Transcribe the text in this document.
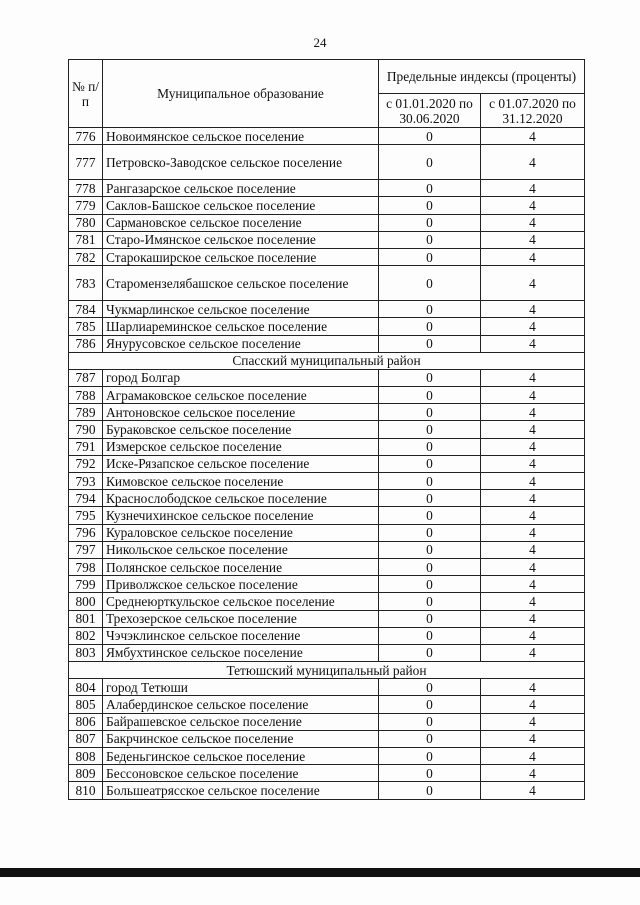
24
№ п/п	Муниципальное образование	Предельные индексы (проценты)	
		с 01.01.2020 по 30.06.2020	с 01.07.2020 по 31.12.2020
776	Новоимянское сельское поселение	0	4
777	Петровско-Заводское сельское поселение	0	4
778	Рангазарское сельское поселение	0	4
779	Саклов-Башское сельское поселение	0	4
780	Сармановское сельское поселение	0	4
781	Старо-Имянское сельское поселение	0	4
782	Старокаширское сельское поселение	0	4
783	Старомензелябашское сельское поселение	0	4
784	Чукмарлинское сельское поселение	0	4
785	Шарлиареминское сельское поселение	0	4
786	Янурусовское сельское поселение	0	4
Спасский муниципальный район			
787	город Болгар	0	4
788	Аграмаковское сельское поселение	0	4
789	Антоновское сельское поселение	0	4
790	Бураковское сельское поселение	0	4
791	Измерское сельское поселение	0	4
792	Иске-Рязапское сельское поселение	0	4
793	Кимовское сельское поселение	0	4
794	Краснослободское сельское поселение	0	4
795	Кузнечихинское сельское поселение	0	4
796	Кураловское сельское поселение	0	4
797	Никольское сельское поселение	0	4
798	Полянское сельское поселение	0	4
799	Приволжское сельское поселение	0	4
800	Среднеюрткульское сельское поселение	0	4
801	Трехозерское сельское поселение	0	4
802	Чэчэклинское сельское поселение	0	4
803	Ямбухтинское сельское поселение	0	4
Тетюшский муниципальный район			
804	город Тетюши	0	4
805	Алабердинское сельское поселение	0	4
806	Байрашевское сельское поселение	0	4
807	Бакрчинское сельское поселение	0	4
808	Беденьгинское сельское поселение	0	4
809	Бессоновское сельское поселение	0	4
810	Большеатрясское сельское поселение	0	4
